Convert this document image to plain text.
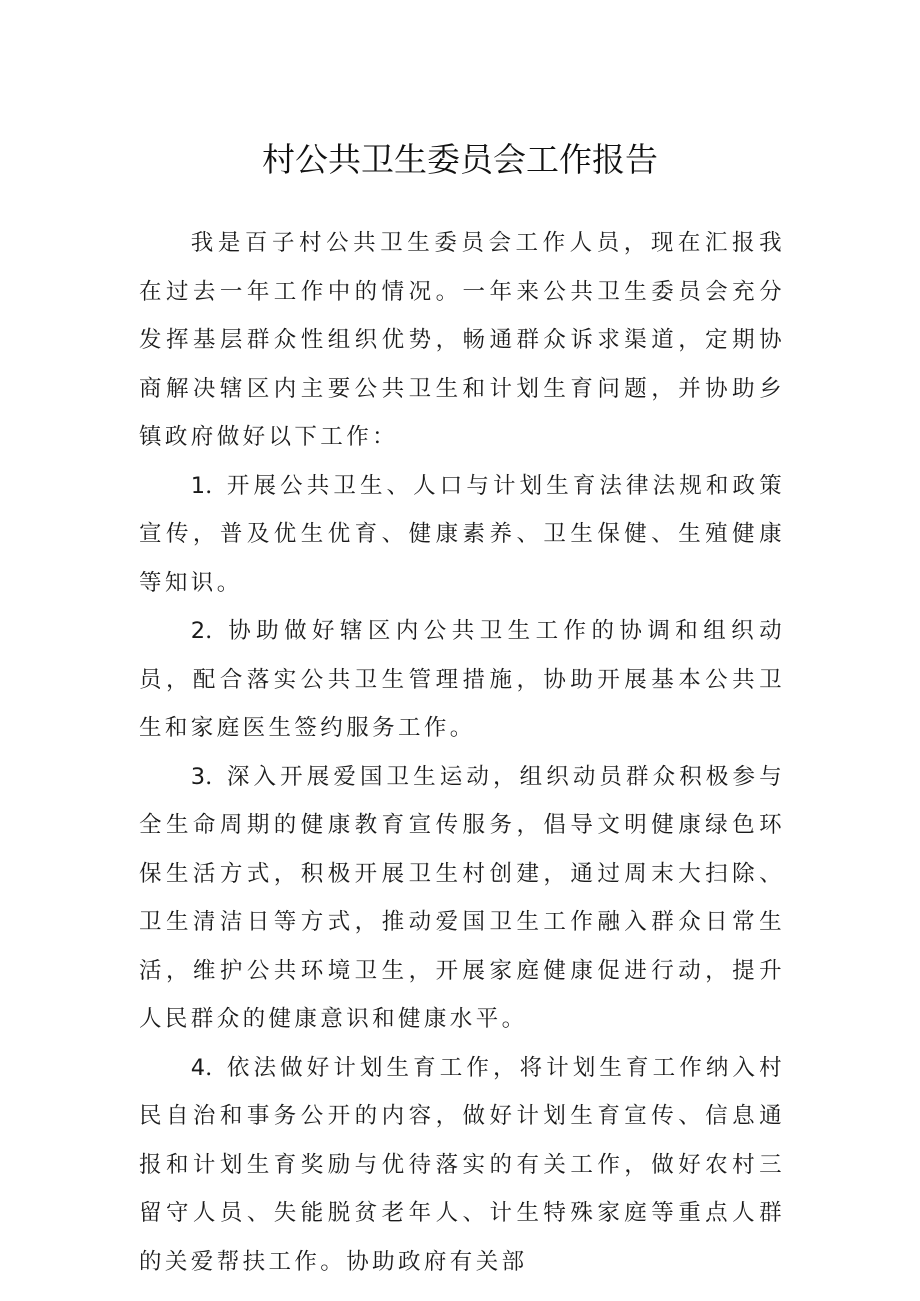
村公共卫生委员会工作报告

我是百子村公共卫生委员会工作人员，现在汇报我在过去一年工作中的情况。一年来公共卫生委员会充分发挥基层群众性组织优势，畅通群众诉求渠道，定期协商解决辖区内主要公共卫生和计划生育问题，并协助乡镇政府做好以下工作：

1. 开展公共卫生、人口与计划生育法律法规和政策宣传，普及优生优育、健康素养、卫生保健、生殖健康等知识。

2. 协助做好辖区内公共卫生工作的协调和组织动员，配合落实公共卫生管理措施，协助开展基本公共卫生和家庭医生签约服务工作。

3. 深入开展爱国卫生运动，组织动员群众积极参与全生命周期的健康教育宣传服务，倡导文明健康绿色环保生活方式，积极开展卫生村创建，通过周末大扫除、卫生清洁日等方式，推动爱国卫生工作融入群众日常生活，维护公共环境卫生，开展家庭健康促进行动，提升人民群众的健康意识和健康水平。

4. 依法做好计划生育工作，将计划生育工作纳入村民自治和事务公开的内容，做好计划生育宣传、信息通报和计划生育奖励与优待落实的有关工作，做好农村三留守人员、失能脱贫老年人、计生特殊家庭等重点人群的关爱帮扶工作。协助政府有关部
